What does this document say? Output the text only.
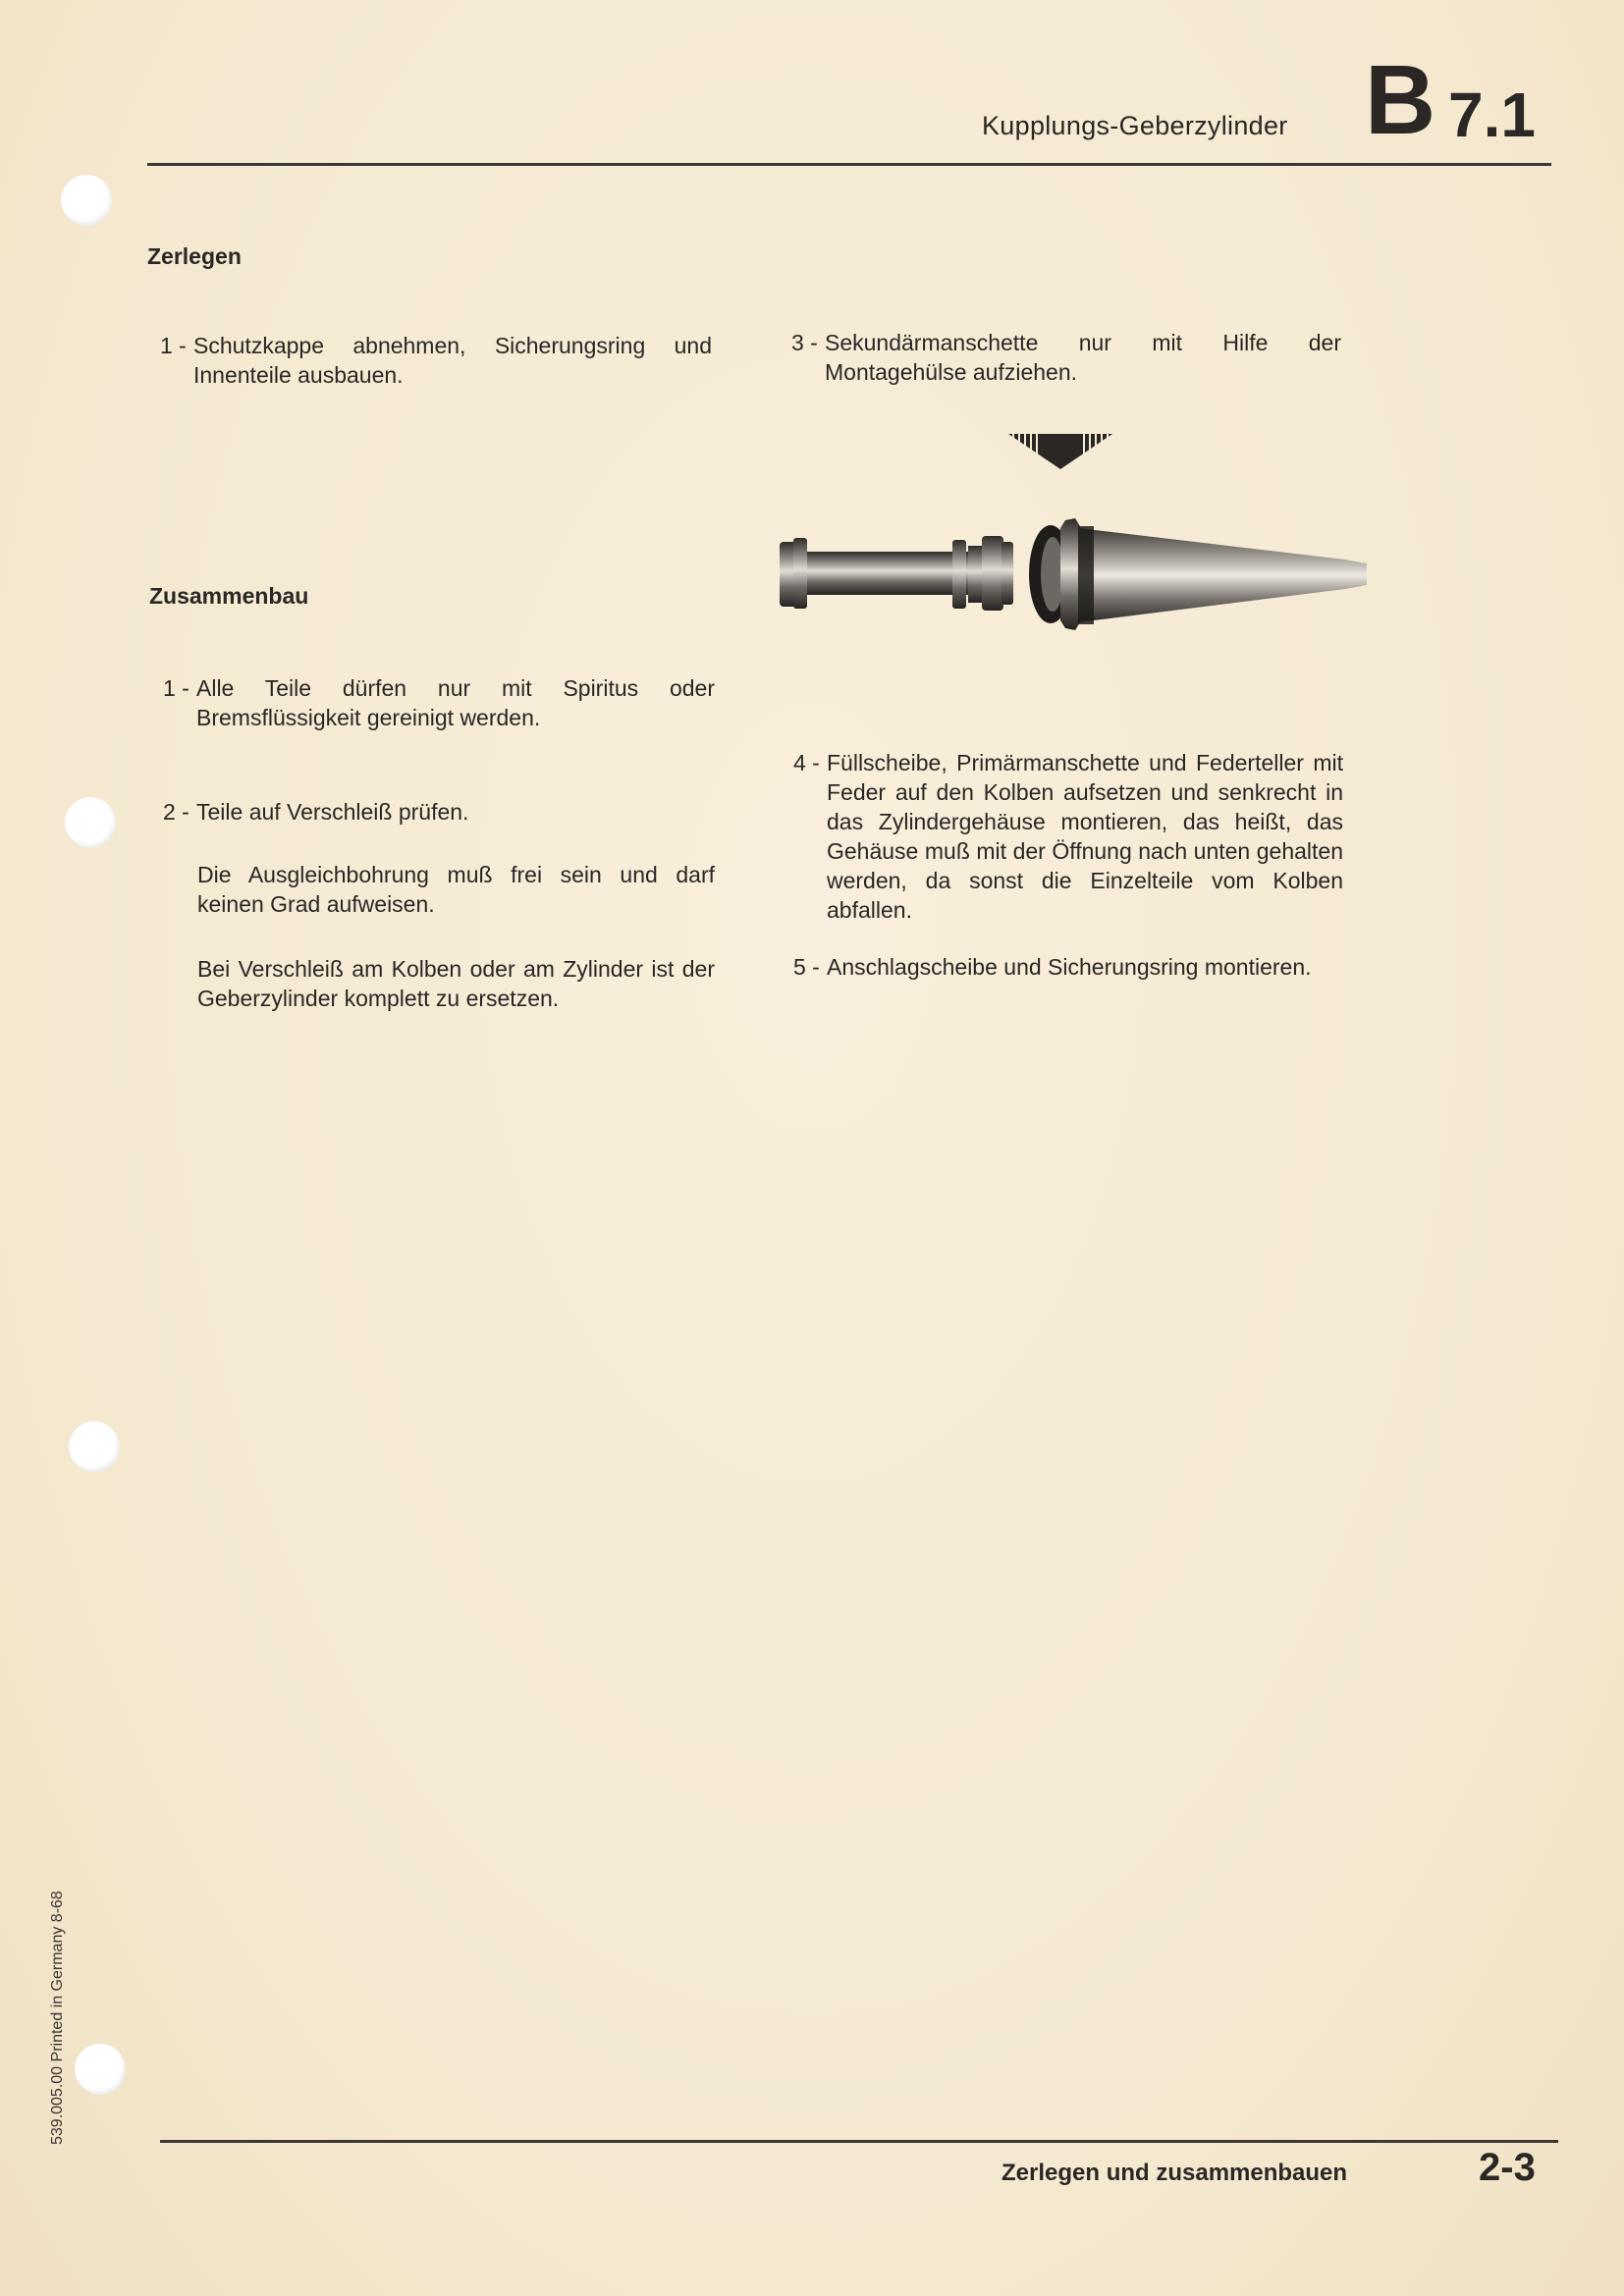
Kupplungs-Geberzylinder B 7.1
Zerlegen
1 - Schutzkappe abnehmen, Sicherungsring und Innenteile ausbauen.
3 - Sekundärmanschette nur mit Hilfe der Montagehülse aufziehen.
Zusammenbau
1 - Alle Teile dürfen nur mit Spiritus oder Bremsflüssigkeit gereinigt werden.
2 - Teile auf Verschleiß prüfen.
Die Ausgleichbohrung muß frei sein und darf keinen Grad aufweisen.
Bei Verschleiß am Kolben oder am Zylinder ist der Geberzylinder komplett zu ersetzen.
4 - Füllscheibe, Primärmanschette und Federteller mit Feder auf den Kolben aufsetzen und senkrecht in das Zylindergehäuse montieren, das heißt, das Gehäuse muß mit der Öffnung nach unten gehalten werden, da sonst die Einzelteile vom Kolben abfallen.
5 - Anschlagscheibe und Sicherungsring montieren.
539.005.00 Printed in Germany 8-68
Zerlegen und zusammenbauen	2-3
